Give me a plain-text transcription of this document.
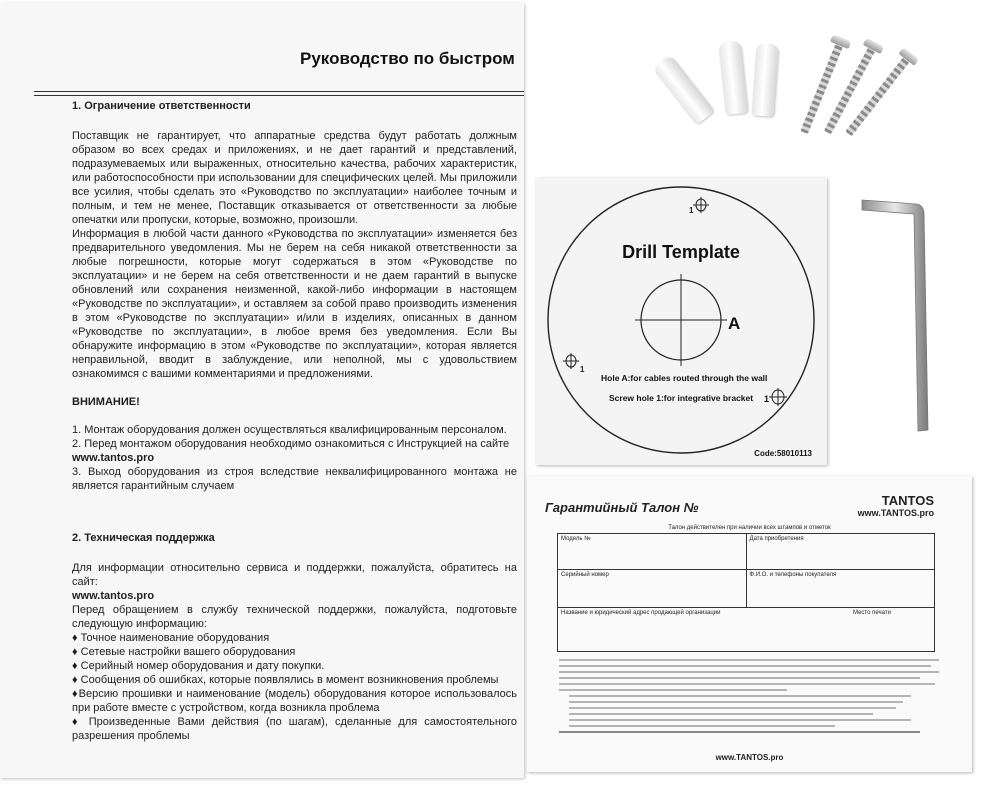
Руководство по быстром
1. Ограничение ответственности

Поставщик не гарантирует, что аппаратные средства будут работать должным образом во всех средах и приложениях, и не дает гарантий и представлений, подразумеваемых или выраженных, относительно качества, рабочих характеристик, или работоспособности при использовании для специфических целей. Мы приложили все усилия, чтобы сделать это «Руководство по эксплуатации» наиболее точным и полным, и тем не менее, Поставщик отказывается от ответственности за любые опечатки или пропуски, которые, возможно, произошли.

Информация в любой части данного «Руководства по эксплуатации» изменяется без предварительного уведомления. Мы не берем на себя никакой ответственности за любые погрешности, которые могут содержаться в этом «Руководстве по эксплуатации» и не берем на себя ответственности и не даем гарантий в выпуске обновлений или сохранения неизменной, какой-либо информации в настоящем «Руководстве по эксплуатации», и оставляем за собой право производить изменения в этом «Руководстве по эксплуатации» и/или в изделиях, описанных в данном «Руководстве по эксплуатации», в любое время без уведомления. Если Вы обнаружите информацию в этом «Руководстве по эксплуатации», которая является неправильной, вводит в заблуждение, или неполной, мы с удовольствием ознакомимся с вашими комментариями и предложениями.

ВНИМАНИЕ!

1. Монтаж оборудования должен осуществляться квалифицированным персоналом.

2. Перед монтажом оборудования необходимо ознакомиться с Инструкцией на сайте

www.tantos.pro

3. Выход оборудования из строя вследствие неквалифицированного монтажа не является гарантийным случаем

2. Техническая поддержка

Для информации относительно сервиса и поддержки, пожалуйста, обратитесь на сайт:

www.tantos.pro

Перед обращением в службу технической поддержки, пожалуйста, подготовьте следующую информацию:

♦ Точное наименование оборудования

♦ Сетевые настройки вашего оборудования

♦ Серийный номер оборудования и дату покупки.

♦ Сообщения об ошибках, которые появлялись в момент возникновения проблемы

♦Версию прошивки и наименование (модель) оборудования которое использовалось при работе вместе с устройством, когда возникла проблема

♦ Произведенные Вами действия (по шагам), сделанные для самостоятельного разрешения проблемы

1
1
Drill Template
A
Hole A:for cables routed through the wall
Screw hole 1:for integrative bracket 1
Code:58010113
Гарантийный Талон №	TANTOS
www.TANTOS.pro
Талон действителен при наличии всех штампов и отметок
Модель №	Дата приобретения
Серийный номер	Ф.И.О. и телефоны покупателя
Название и юридический адрес продающей организации Место печати	
www.TANTOS.pro
